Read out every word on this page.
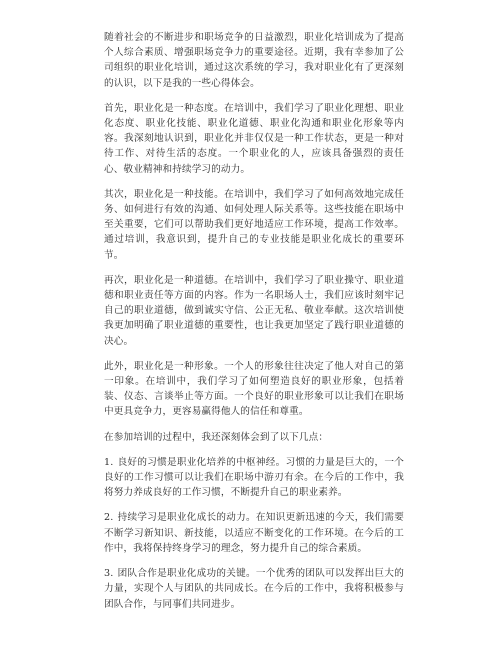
随着社会的不断进步和职场竞争的日益激烈，职业化培训成为了提高个人综合素质、增强职场竞争力的重要途径。近期，我有幸参加了公司组织的职业化培训，通过这次系统的学习，我对职业化有了更深刻的认识，以下是我的一些心得体会。

首先，职业化是一种态度。在培训中，我们学习了职业化理想、职业化态度、职业化技能、职业化道德、职业化沟通和职业化形象等内容。我深刻地认识到，职业化并非仅仅是一种工作状态，更是一种对待工作、对待生活的态度。一个职业化的人，应该具备强烈的责任心、敬业精神和持续学习的动力。

其次，职业化是一种技能。在培训中，我们学习了如何高效地完成任务、如何进行有效的沟通、如何处理人际关系等。这些技能在职场中至关重要，它们可以帮助我们更好地适应工作环境，提高工作效率。通过培训，我意识到，提升自己的专业技能是职业化成长的重要环节。

再次，职业化是一种道德。在培训中，我们学习了职业操守、职业道德和职业责任等方面的内容。作为一名职场人士，我们应该时刻牢记自己的职业道德，做到诚实守信、公正无私、敬业奉献。这次培训使我更加明确了职业道德的重要性，也让我更加坚定了践行职业道德的决心。

此外，职业化是一种形象。一个人的形象往往决定了他人对自己的第一印象。在培训中，我们学习了如何塑造良好的职业形象，包括着装、仪态、言谈举止等方面。一个良好的职业形象可以让我们在职场中更具竞争力，更容易赢得他人的信任和尊重。

在参加培训的过程中，我还深刻体会到了以下几点：

1. 良好的习惯是职业化培养的中枢神经。习惯的力量是巨大的，一个良好的工作习惯可以让我们在职场中游刃有余。在今后的工作中，我将努力养成良好的工作习惯，不断提升自己的职业素养。

2. 持续学习是职业化成长的动力。在知识更新迅速的今天，我们需要不断学习新知识、新技能，以适应不断变化的工作环境。在今后的工作中，我将保持终身学习的理念，努力提升自己的综合素质。

3. 团队合作是职业化成功的关键。一个优秀的团队可以发挥出巨大的力量，实现个人与团队的共同成长。在今后的工作中，我将积极参与团队合作，与同事们共同进步。
